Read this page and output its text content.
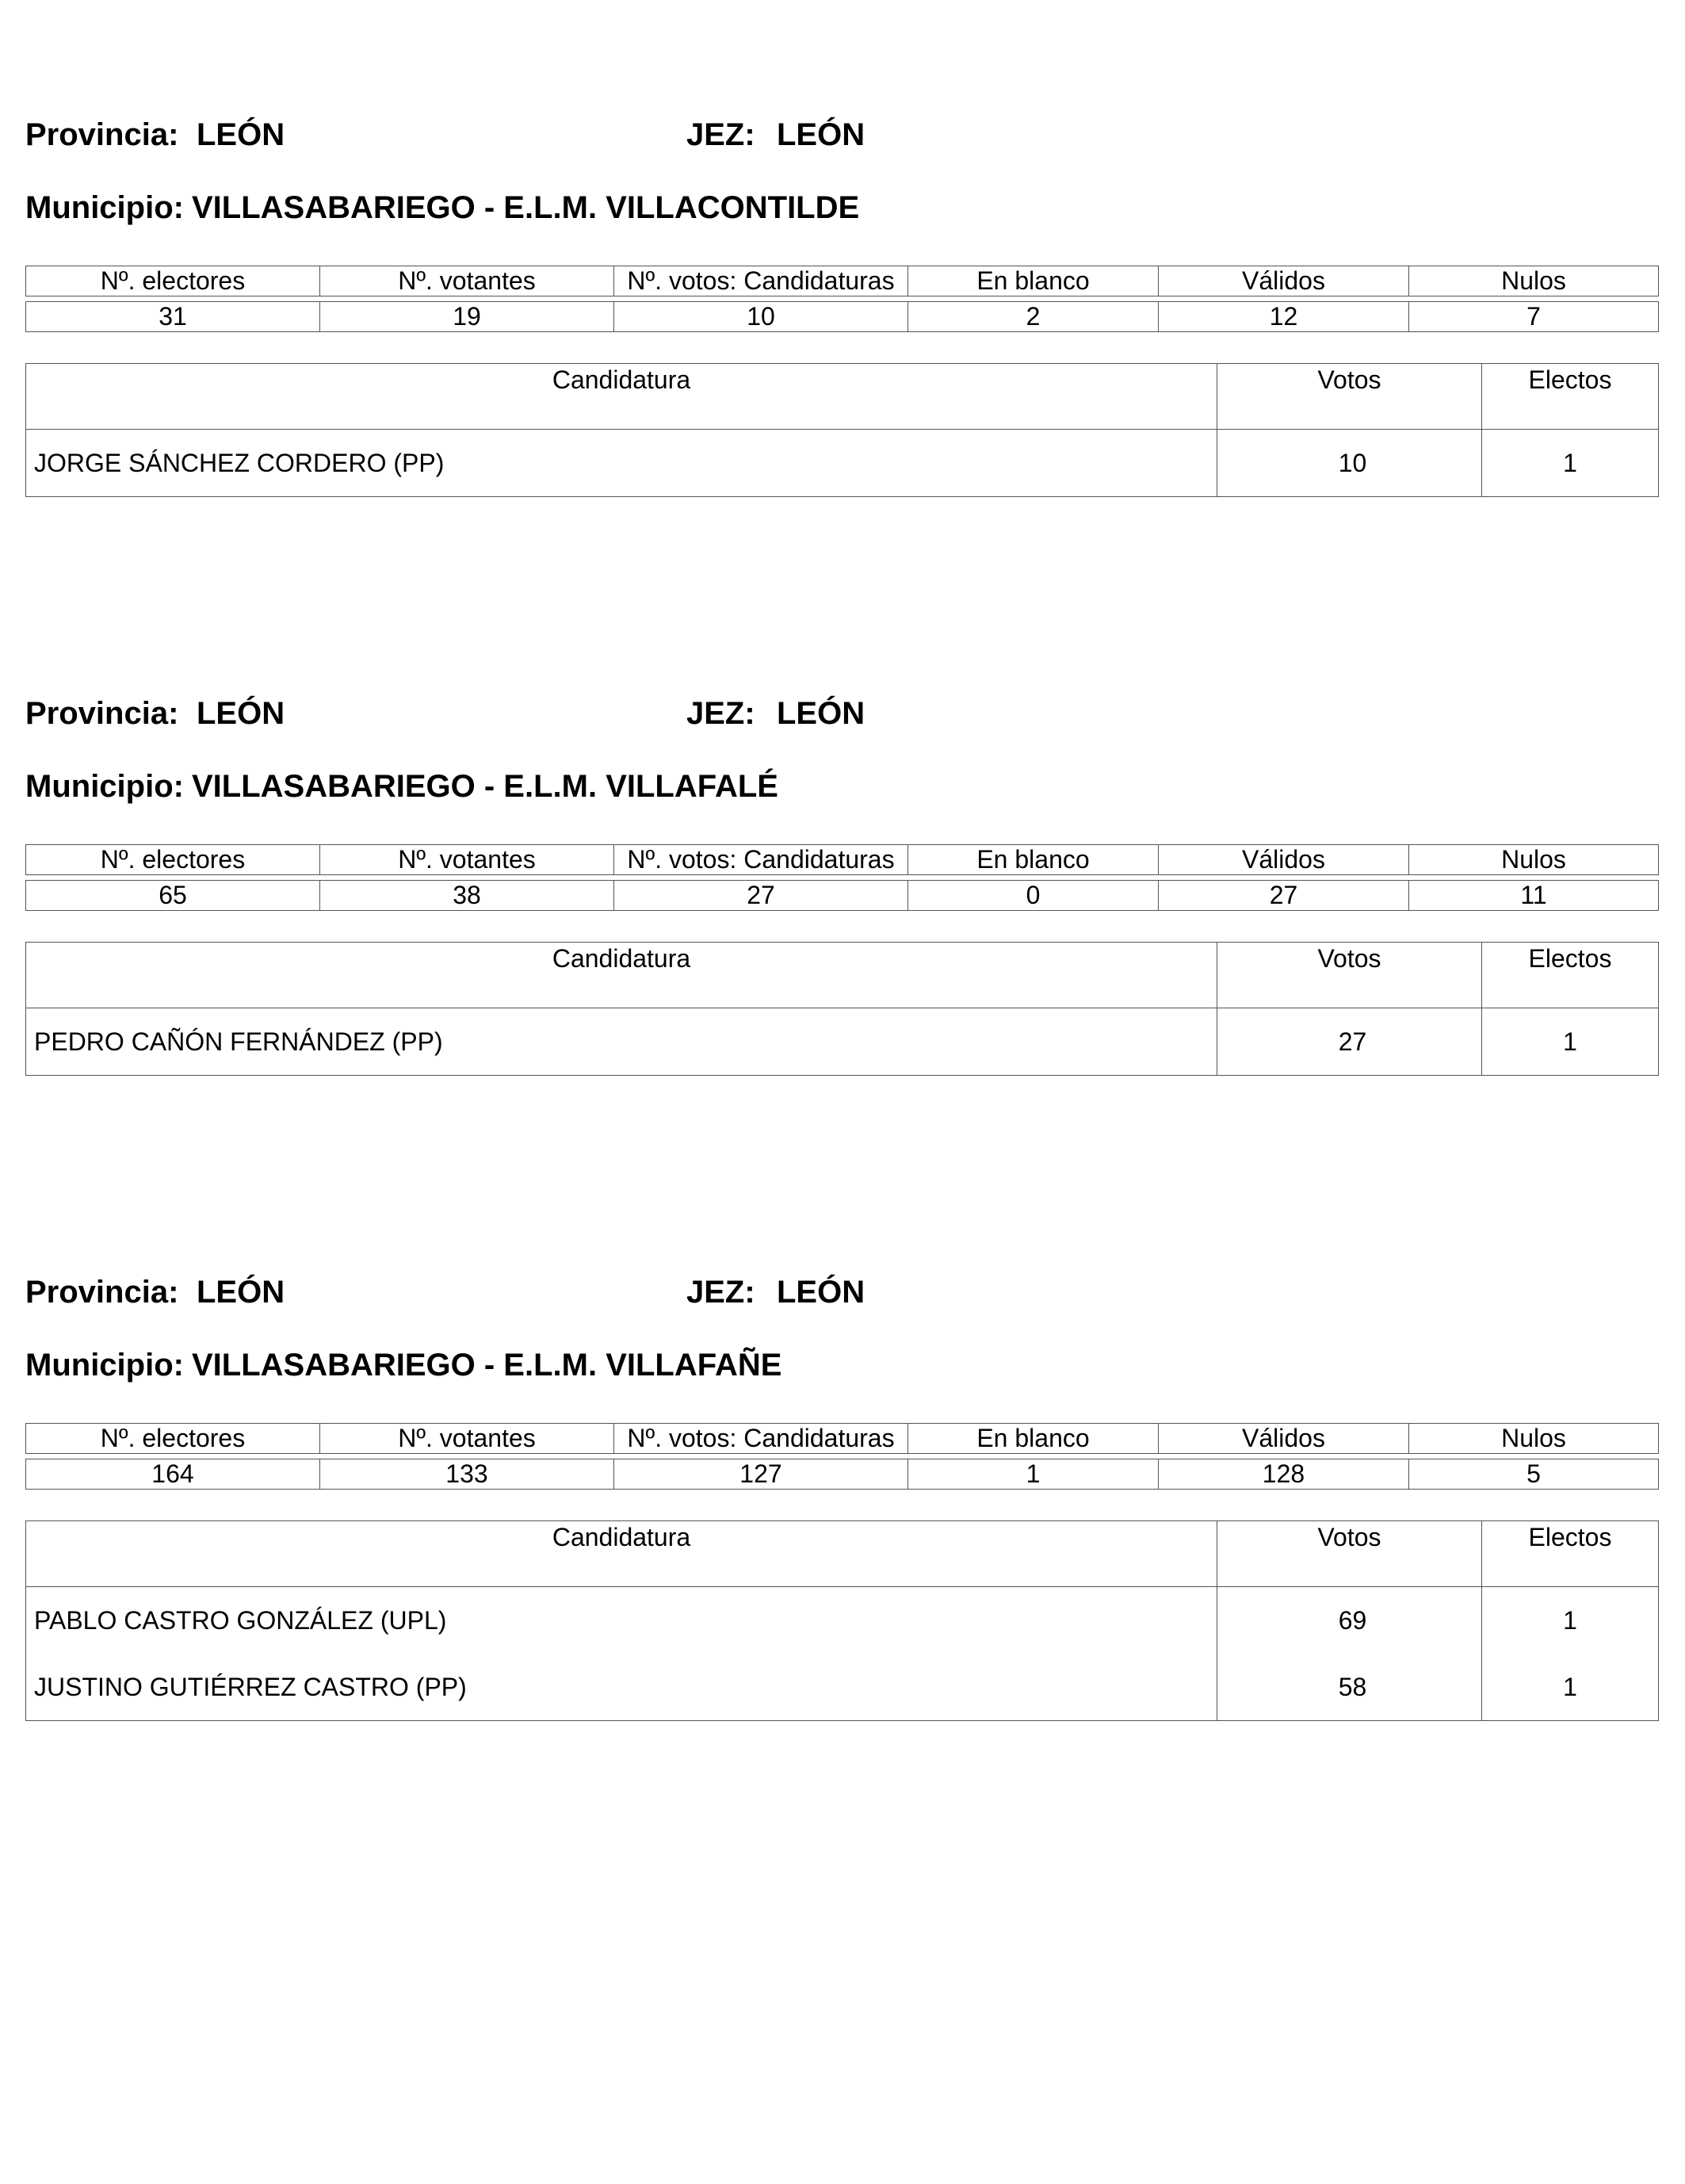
Provincia: LEÓN	JEZ: LEÓN
Municipio: VILLASABARIEGO - E.L.M. VILLACONTILDE
Nº. electores	Nº. votantes	Nº. votos: Candidaturas	En blanco	Válidos	Nulos

31	19	10	2	12	7
Candidatura	Votos	Electos
JORGE SÁNCHEZ CORDERO (PP)	10	1
Provincia: LEÓN	JEZ: LEÓN
Municipio: VILLASABARIEGO - E.L.M. VILLAFALÉ
Nº. electores	Nº. votantes	Nº. votos: Candidaturas	En blanco	Válidos	Nulos

65	38	27	0	27	11
Candidatura	Votos	Electos
PEDRO CAÑÓN FERNÁNDEZ (PP)	27	1
Provincia: LEÓN	JEZ: LEÓN
Municipio: VILLASABARIEGO - E.L.M. VILLAFAÑE
Nº. electores	Nº. votantes	Nº. votos: Candidaturas	En blanco	Válidos	Nulos

164	133	127	1	128	5
Candidatura	Votos	Electos
PABLO CASTRO GONZÁLEZ (UPL)	69	1
JUSTINO GUTIÉRREZ CASTRO (PP)	58	1
